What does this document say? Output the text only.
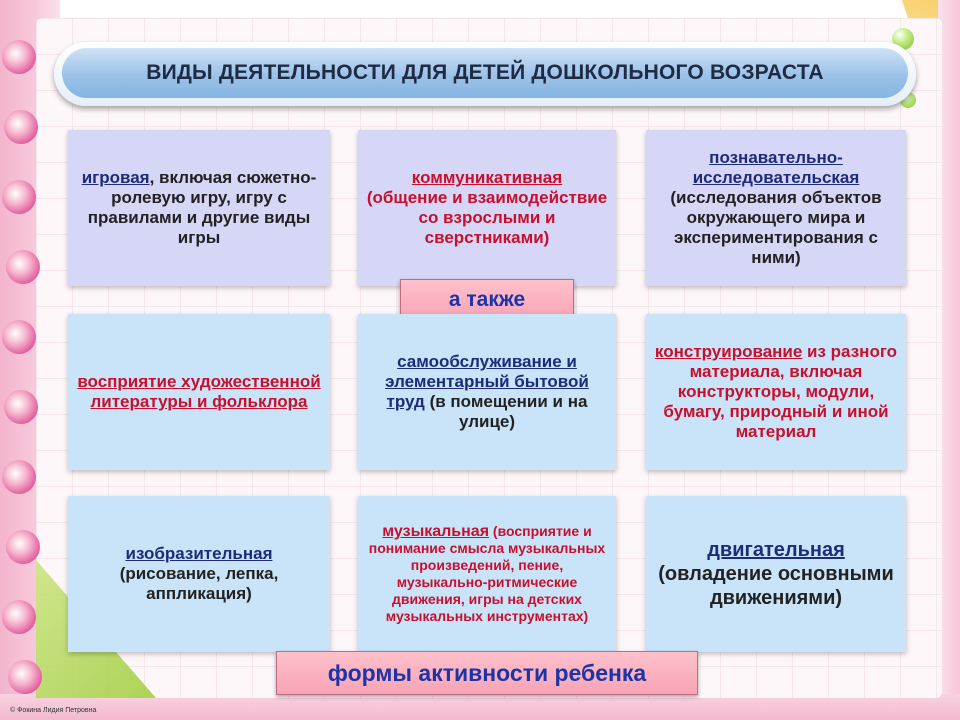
ВИДЫ ДЕЯТЕЛЬНОСТИ ДЛЯ ДЕТЕЙ ДОШКОЛЬНОГО ВОЗРАСТА
игровая, включая сюжетно-ролевую игру, игру с правилами и другие виды игры
коммуникативная
(общение и взаимодействие со взрослыми и сверстниками)
познавательно-исследовательская
(исследования объектов окружающего мира и экспериментирования с ними)
а также
восприятие художественной литературы и фольклора
самообслуживание и элементарный бытовой труд (в помещении и на улице)
конструирование из разного материала, включая конструкторы, модули, бумагу, природный и иной материал
изобразительная
(рисование, лепка, аппликация)
музыкальная (восприятие и понимание смысла музыкальных произведений, пение, музыкально-ритмические движения, игры на детских музыкальных инструментах)
двигательная
(овладение основными движениями)
формы активности ребенка
© Фокина Лидия Петровна
